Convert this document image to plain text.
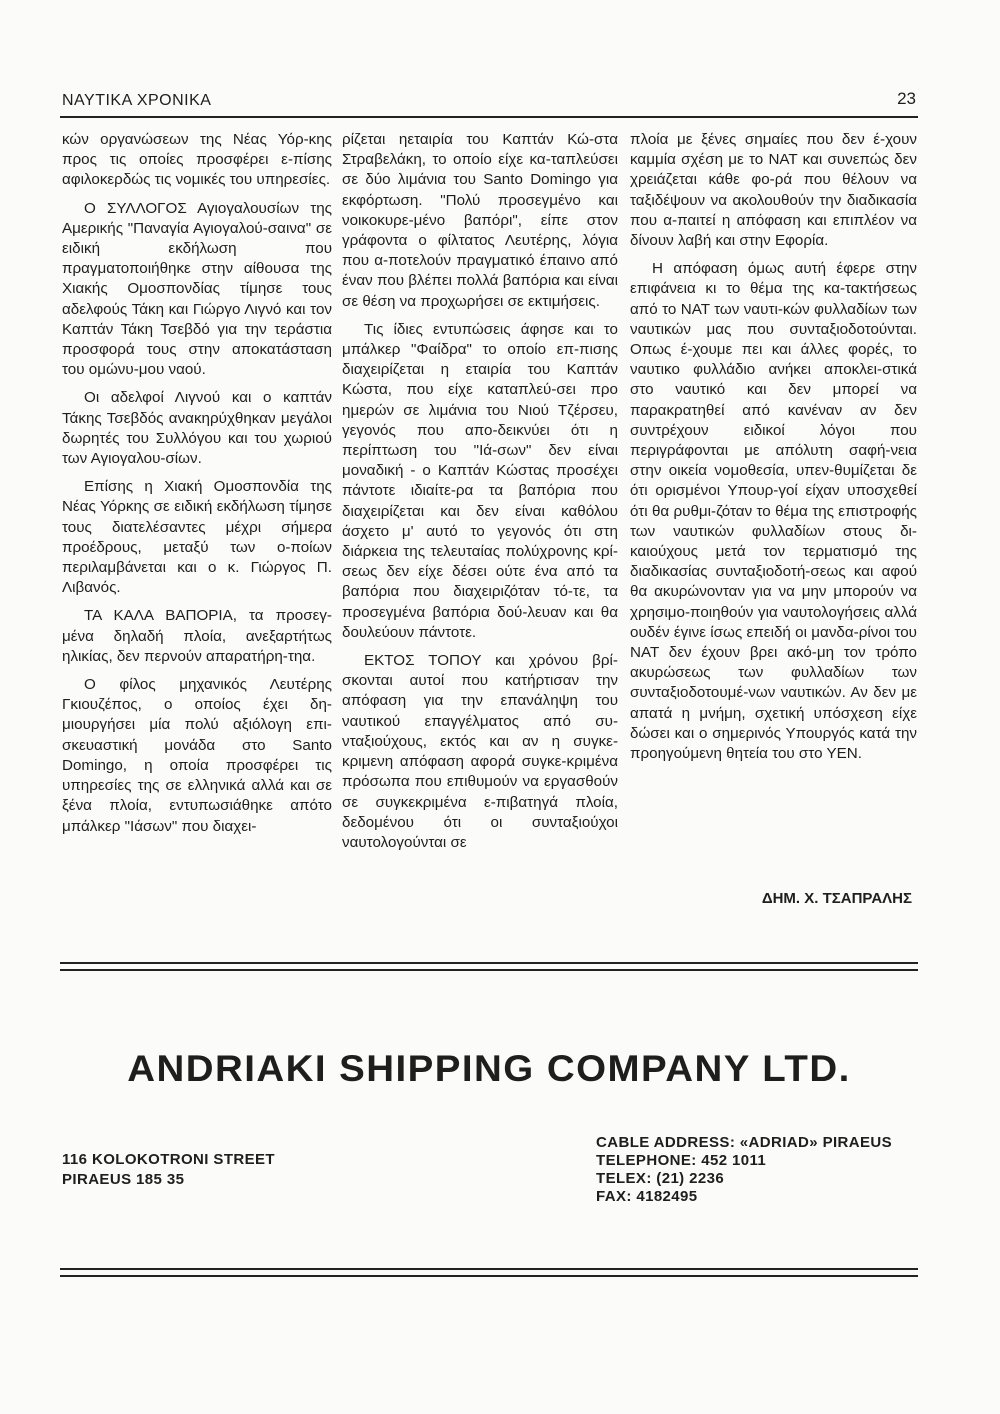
ΝΑΥΤΙΚΑ ΧΡΟΝΙΚΑ	23

κών οργανώσεων της Νέας Υόρ-κης προς τις οποίες προσφέρει ε-πίσης αφιλοκερδώς τις νομικές του υπηρεσίες.

Ο ΣΥΛΛΟΓΟΣ Αγιογαλουσίων της Αμερικής "Παναγία Αγιογαλού-σαινα" σε ειδική εκδήλωση που πραγματοποιήθηκε στην αίθουσα της Χιακής Ομοσπονδίας τίμησε τους αδελφούς Τάκη και Γιώργο Λιγνό και τον Καπτάν Τάκη Τσεβδό για την τεράστια προσφορά τους στην αποκατάσταση του ομώνυ-μου ναού.

Οι αδελφοί Λιγνού και ο καπτάν Τάκης Τσεβδός ανακηρύχθηκαν μεγάλοι δωρητές του Συλλόγου και του χωριού των Αγιογαλου-σίων.

Επίσης η Χιακή Ομοσπονδία της Νέας Υόρκης σε ειδική εκδήλωση τίμησε τους διατελέσαντες μέχρι σήμερα προέδρους, μεταξύ των ο-ποίων περιλαμβάνεται και ο κ. Γιώργος Π. Λιβανός.

ΤΑ ΚΑΛΑ ΒΑΠΟΡΙΑ, τα προσεγ-μένα δηλαδή πλοία, ανεξαρτήτως ηλικίας, δεν περνούν απαρατήρη-τηα.

Ο φίλος μηχανικός Λευτέρης Γκιουζέπος, ο οποίος έχει δη-μιουργήσει μία πολύ αξιόλογη επι-σκευαστική μονάδα στο Santo Domingo, η οποία προσφέρει τις υπηρεσίες της σε ελληνικά αλλά και σε ξένα πλοία, εντυπωσιάθηκε απότο μπάλκερ "Ιάσων" που διαχει-

ρίζεται ηεταιρία του Καπτάν Κώ-στα Στραβελάκη, το οποίο είχε κα-ταπλεύσει σε δύο λιμάνια του Santo Domingo για εκφόρτωση. "Πολύ προσεγμένο και νοικοκυρε-μένο βαπόρι", είπε στον γράφοντα ο φίλτατος Λευτέρης, λόγια που α-ποτελούν πραγματικό έπαινο από έναν που βλέπει πολλά βαπόρια και είναι σε θέση να προχωρήσει σε εκτιμήσεις.

Τις ίδιες εντυπώσεις άφησε και το μπάλκερ "Φαίδρα" το οποίο επ-πισης διαχειρίζεται η εταιρία του Καπτάν Κώστα, που είχε καταπλεύ-σει προ ημερών σε λιμάνια του Νιού Τζέρσευ, γεγονός που απο-δεικνύει ότι η περίπτωση του "Ιά-σων" δεν είναι μοναδική - ο Καπτάν Κώστας προσέχει πάντοτε ιδιαίτε-ρα τα βαπόρια που διαχειρίζεται και δεν είναι καθόλου άσχετο μ' αυτό το γεγονός ότι στη διάρκεια της τελευταίας πολύχρονης κρί-σεως δεν είχε δέσει ούτε ένα από τα βαπόρια που διαχειριζόταν τό-τε, τα προσεγμένα βαπόρια δού-λευαν και θα δουλεύουν πάντοτε.

ΕΚΤΟΣ ΤΟΠΟΥ και χρόνου βρί-σκονται αυτοί που κατήρτισαν την απόφαση για την επανάληψη του ναυτικού επαγγέλματος από συ-νταξιούχους, εκτός και αν η συγκε-κριμενη απόφαση αφορά συγκε-κριμένα πρόσωπα που επιθυμούν να εργασθούν σε συγκεκριμένα ε-πιβατηγά πλοία, δεδομένου ότι οι συνταξιούχοι ναυτολογούνται σε

πλοία με ξένες σημαίες που δεν έ-χουν καμμία σχέση με το ΝΑΤ και συνεπώς δεν χρειάζεται κάθε φο-ρά που θέλουν να ταξιδέψουν να ακολουθούν την διαδικασία που α-παιτεί η απόφαση και επιπλέον να δίνουν λαβή και στην Εφορία.

Η απόφαση όμως αυτή έφερε στην επιφάνεια κι το θέμα της κα-τακτήσεως από το ΝΑΤ των ναυτι-κών φυλλαδίων των ναυτικών μας που συνταξιοδοτούνται. Οπως έ-χουμε πει και άλλες φορές, το ναυτικο φυλλάδιο ανήκει αποκλει-στικά στο ναυτικό και δεν μπορεί να παρακρατηθεί από κανέναν αν δεν συντρέχουν ειδικοί λόγοι που περιγράφονται με απόλυτη σαφή-νεια στην οικεία νομοθεσία, υπεν-θυμίζεται δε ότι ορισμένοι Υπουρ-γοί είχαν υποσχεθεί ότι θα ρυθμι-ζόταν το θέμα της επιστροφής των ναυτικών φυλλαδίων στους δι-καιούχους μετά τον τερματισμό της διαδικασίας συνταξιοδοτή-σεως και αφού θα ακυρώνονταν για να μην μπορούν να χρησιμο-ποιηθούν για ναυτολογήσεις αλλά ουδέν έγινε ίσως επειδή οι μανδα-ρίνοι του ΝΑΤ δεν έχουν βρει ακό-μη τον τρόπο ακυρώσεως των φυλλαδίων των συνταξιοδοτουμέ-νων ναυτικών. Αν δεν με απατά η μνήμη, σχετική υπόσχεση είχε δώσει και ο σημερινός Υπουργός κατά την προηγούμενη θητεία του στο ΥΕΝ.

ΔΗΜ. Χ. ΤΣΑΠΡΑΛΗΣ
ANDRIAKI SHIPPING COMPANY LTD.
116 KOLOKOTRONI STREET
PIRAEUS 185 35
CABLE ADDRESS: «ADRIAD» PIRAEUS
TELEPHONE: 452 1011
TELEX: (21) 2236
FAX: 4182495
